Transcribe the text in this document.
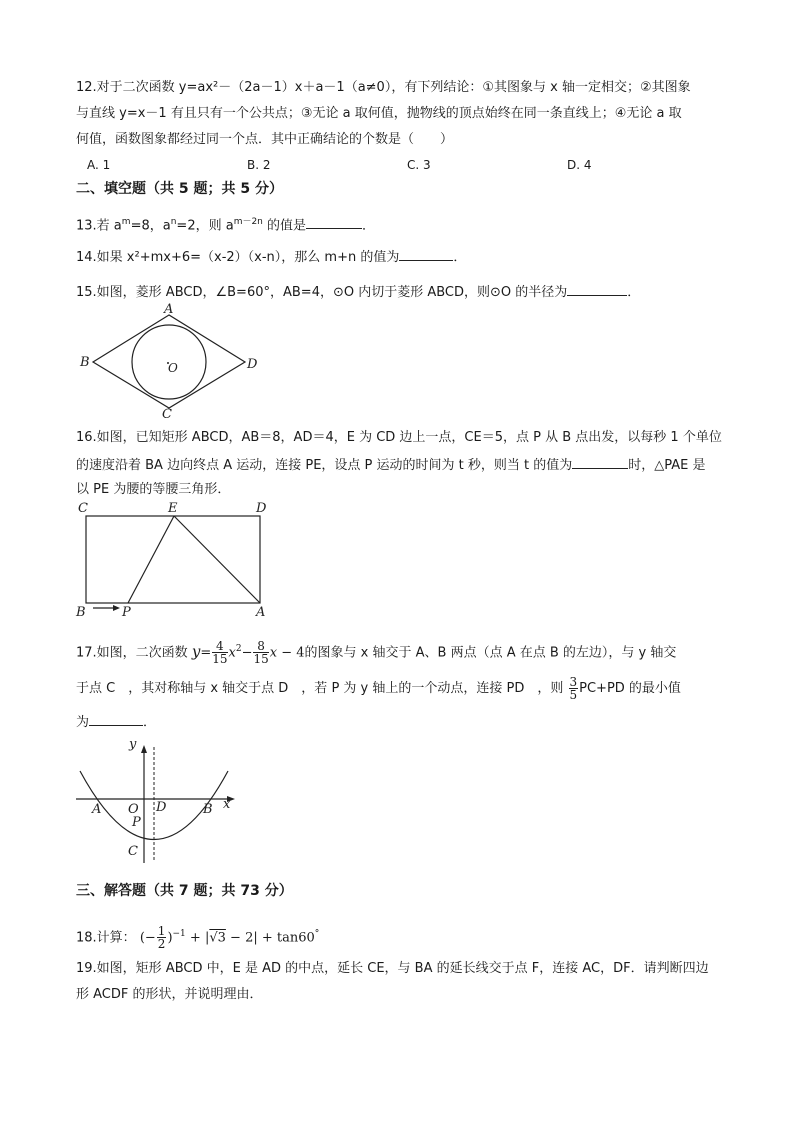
12.对于二次函数 y=ax²－（2a－1）x＋a－1（a≠0），有下列结论：①其图象与 x 轴一定相交；②其图象
与直线 y=x－1 有且只有一个公共点；③无论 a 取何值，抛物线的顶点始终在同一条直线上；④无论 a 取
何值，函数图象都经过同一个点．其中正确结论的个数是（　　）
A. 1	B. 2	C. 3	D. 4
二、填空题（共 5 题；共 5 分）
13.若 $a^m=8$，$a^n=2$，则 $a^{m-2n}$ 的值是	．
14.如果 x²+mx+6=（x-2）（x-n），那么 m+n 的值为	．
15.如图，菱形 ABCD，∠B=60°，AB=4，⊙O 内切于菱形 ABCD，则⊙O 的半径为	．
A
B
C
D
O
16.如图，已知矩形 ABCD，AB＝8，AD＝4，E 为 CD 边上一点，CE＝5，点 P 从 B 点出发，以每秒 1 个单位
的速度沿着 BA 边向终点 A 运动，连接 PE，设点 P 运动的时间为 t 秒，则当 t 的值为	时，△PAE 是
以 PE 为腰的等腰三角形．
C	E	D
B	P	A
17.如图，二次函数 $y= \frac{4}{15} x^2- \frac{8}{15}$ x − 4的图象与 x 轴交于 A、B 两点（点 A 在点 B 的左边），与 y 轴交
于点 C　，其对称轴与 x 轴交于点 D　，若 P 为 y 轴上的一个动点，连接 PD　，则 $\frac{3}{5} PC+PD$ 的最小值
为	．
y
x
A O D	B
P
C
三、解答题（共 7 题；共 73 分）
18.计算： (− $\frac{1}{2} )^{-1} + |√3 - 2| + \tan 60^\circ$
19.如图，矩形 ABCD 中，E 是 AD 的中点，延长 CE，与 BA 的延长线交于点 F，连接 AC，DF．请判断四边
形 ACDF 的形状，并说明理由．
